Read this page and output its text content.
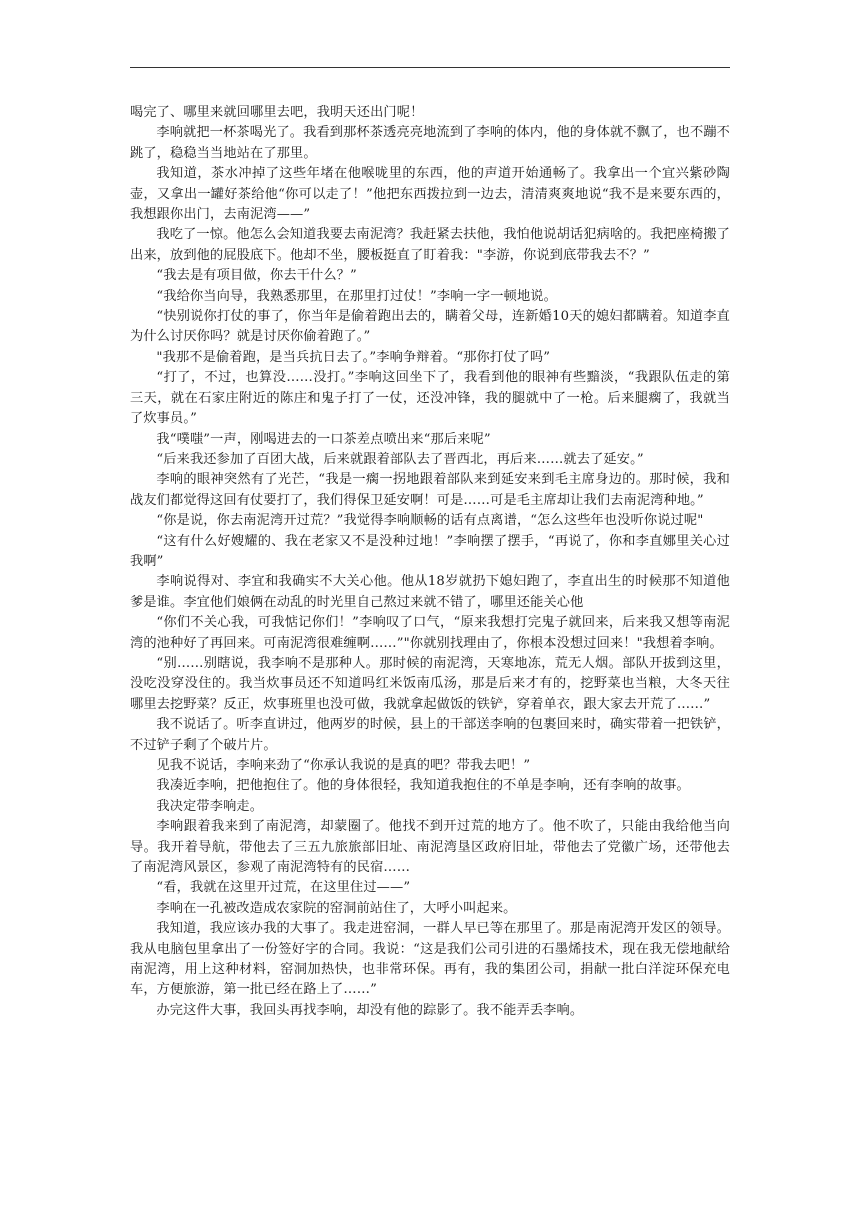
喝完了、哪里来就回哪里去吧，我明天还出门呢！

李响就把一杯茶喝光了。我看到那杯茶透亮亮地流到了李响的体内，他的身体就不飘了，也不蹦不跳了，稳稳当当地站在了那里。

我知道，茶水冲掉了这些年堵在他喉咙里的东西，他的声道开始通畅了。我拿出一个宜兴紫砂陶壶，又拿出一罐好茶给他“你可以走了！”他把东西拨拉到一边去，清清爽爽地说“我不是来要东西的，我想跟你出门，去南泥湾——”

我吃了一惊。他怎么会知道我要去南泥湾？我赶紧去扶他，我怕他说胡话犯病啥的。我把座椅搬了出来，放到他的屁股底下。他却不坐，腰板挺直了盯着我："李游，你说到底带我去不？”

“我去是有项目做，你去干什么？”

“我给你当向导，我熟悉那里，在那里打过仗！”李响一字一顿地说。

“快别说你打仗的事了，你当年是偷着跑出去的，瞒着父母，连新婚10天的媳妇都瞒着。知道李直为什么讨厌你吗？就是讨厌你偷着跑了。”

"我那不是偷着跑，是当兵抗日去了。”李响争辩着。“那你打仗了吗”

“打了，不过，也算没……没打。”李响这回坐下了，我看到他的眼神有些黯淡，“我跟队伍走的第三天，就在石家庄附近的陈庄和鬼子打了一仗，还没冲锋，我的腿就中了一枪。后来腿瘸了，我就当了炊事员。”

我“噗嗤”一声，刚喝进去的一口茶差点喷出来“那后来呢”

“后来我还参加了百团大战，后来就跟着部队去了晋西北，再后来……就去了延安。”

李响的眼神突然有了光芒，“我是一瘸一拐地跟着部队来到延安来到毛主席身边的。那时候，我和战友们都觉得这回有仗要打了，我们得保卫延安啊！可是……可是毛主席却让我们去南泥湾种地。”

“你是说，你去南泥湾开过荒？”我觉得李响顺畅的话有点离谱，“怎么这些年也没听你说过呢"

“这有什么好嫂耀的、我在老家又不是没种过地！”李响摆了摆手，“再说了，你和李直娜里关心过我啊”

李响说得对、李宜和我确实不大关心他。他从18岁就扔下媳妇跑了，李直出生的时候那不知道他爹是谁。李宜他们娘俩在动乱的时光里自己熬过来就不错了，哪里还能关心他

“你们不关心我，可我惦记你们！”李响叹了口气，“原来我想打完鬼子就回来，后来我又想等南泥湾的池种好了再回来。可南泥湾很难缠啊……”"你就别找理由了，你根本没想过回来！"我想着李响。

“别……别瞎说，我李响不是那种人。那时候的南泥湾，天寒地冻，荒无人烟。部队开拔到这里，没吃没穿没住的。我当炊事员还不知道吗红米饭南瓜汤，那是后来才有的，挖野菜也当粮，大冬天往哪里去挖野菜？反正，炊事班里也没可做，我就拿起做饭的铁铲，穿着单衣，跟大家去开荒了……”

我不说话了。听李直讲过，他两岁的时候，县上的干部送李响的包裹回来时，确实带着一把铁铲，不过铲子剩了个破片片。

见我不说话，李响来劲了“你承认我说的是真的吧？带我去吧！”

我凑近李响，把他抱住了。他的身体很轻，我知道我抱住的不单是李响，还有李响的故事。

我决定带李响走。

李响跟着我来到了南泥湾，却蒙圈了。他找不到开过荒的地方了。他不吹了，只能由我给他当向导。我开着导航，带他去了三五九旅旅部旧址、南泥湾垦区政府旧址，带他去了党徽广场，还带他去了南泥湾风景区，参观了南泥湾特有的民宿……

“看，我就在这里开过荒，在这里住过——”

李响在一孔被改造成农家院的窑洞前站住了，大呼小叫起来。

我知道，我应该办我的大事了。我走进窑洞，一群人早已等在那里了。那是南泥湾开发区的领导。我从电脑包里拿出了一份签好字的合同。我说：“这是我们公司引进的石墨烯技术，现在我无偿地献给南泥湾，用上这种材料，窑洞加热快，也非常环保。再有，我的集团公司，捐献一批白洋淀环保充电车，方便旅游，第一批已经在路上了……”

办完这件大事，我回头再找李响，却没有他的踪影了。我不能弄丢李响。
